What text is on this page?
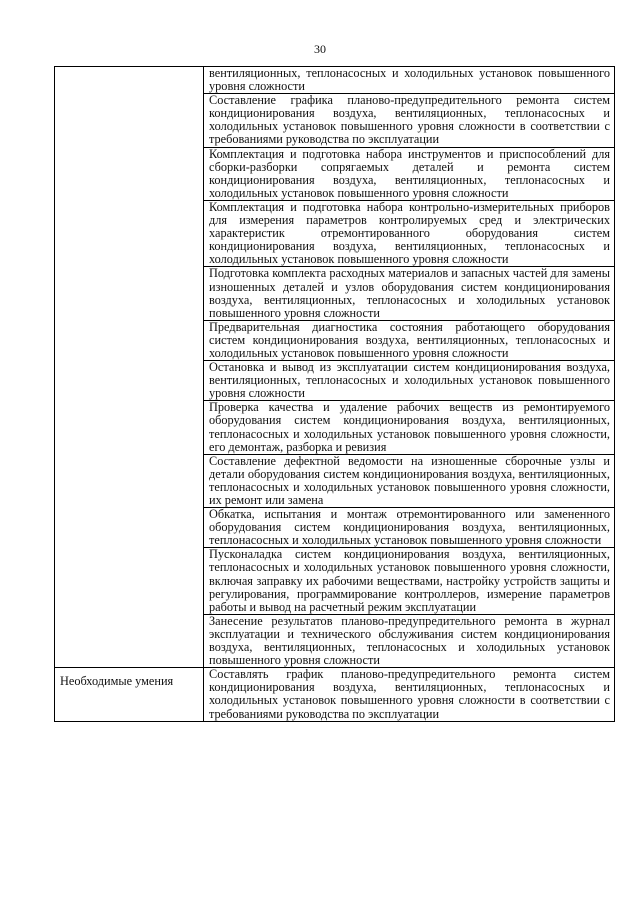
30
	вентиляционных, теплонасосных и холодильных установок повышенного уровня сложности
	Составление графика планово-предупредительного ремонта систем кондиционирования воздуха, вентиляционных, теплонасосных и холодильных установок повышенного уровня сложности в соответствии с требованиями руководства по эксплуатации
	Комплектация и подготовка набора инструментов и приспособлений для сборки-разборки сопрягаемых деталей и ремонта систем кондиционирования воздуха, вентиляционных, теплонасосных и холодильных установок повышенного уровня сложности
	Комплектация и подготовка набора контрольно-измерительных приборов для измерения параметров контролируемых сред и электрических характеристик отремонтированного оборудования систем кондиционирования воздуха, вентиляционных, теплонасосных и холодильных установок повышенного уровня сложности
	Подготовка комплекта расходных материалов и запасных частей для замены изношенных деталей и узлов оборудования систем кондиционирования воздуха, вентиляционных, теплонасосных и холодильных установок повышенного уровня сложности
	Предварительная диагностика состояния работающего оборудования систем кондиционирования воздуха, вентиляционных, теплонасосных и холодильных установок повышенного уровня сложности
	Остановка и вывод из эксплуатации систем кондиционирования воздуха, вентиляционных, теплонасосных и холодильных установок повышенного уровня сложности
	Проверка качества и удаление рабочих веществ из ремонтируемого оборудования систем кондиционирования воздуха, вентиляционных, теплонасосных и холодильных установок повышенного уровня сложности, его демонтаж, разборка и ревизия
	Составление дефектной ведомости на изношенные сборочные узлы и детали оборудования систем кондиционирования воздуха, вентиляционных, теплонасосных и холодильных установок повышенного уровня сложности, их ремонт или замена
	Обкатка, испытания и монтаж отремонтированного или замененного оборудования систем кондиционирования воздуха, вентиляционных, теплонасосных и холодильных установок повышенного уровня сложности
	Пусконаладка систем кондиционирования воздуха, вентиляционных, теплонасосных и холодильных установок повышенного уровня сложности, включая заправку их рабочими веществами, настройку устройств защиты и регулирования, программирование контроллеров, измерение параметров работы и вывод на расчетный режим эксплуатации
	Занесение результатов планово-предупредительного ремонта в журнал эксплуатации и технического обслуживания систем кондиционирования воздуха, вентиляционных, теплонасосных и холодильных установок повышенного уровня сложности
Необходимые умения	Составлять график планово-предупредительного ремонта систем кондиционирования воздуха, вентиляционных, теплонасосных и холодильных установок повышенного уровня сложности в соответствии с требованиями руководства по эксплуатации
